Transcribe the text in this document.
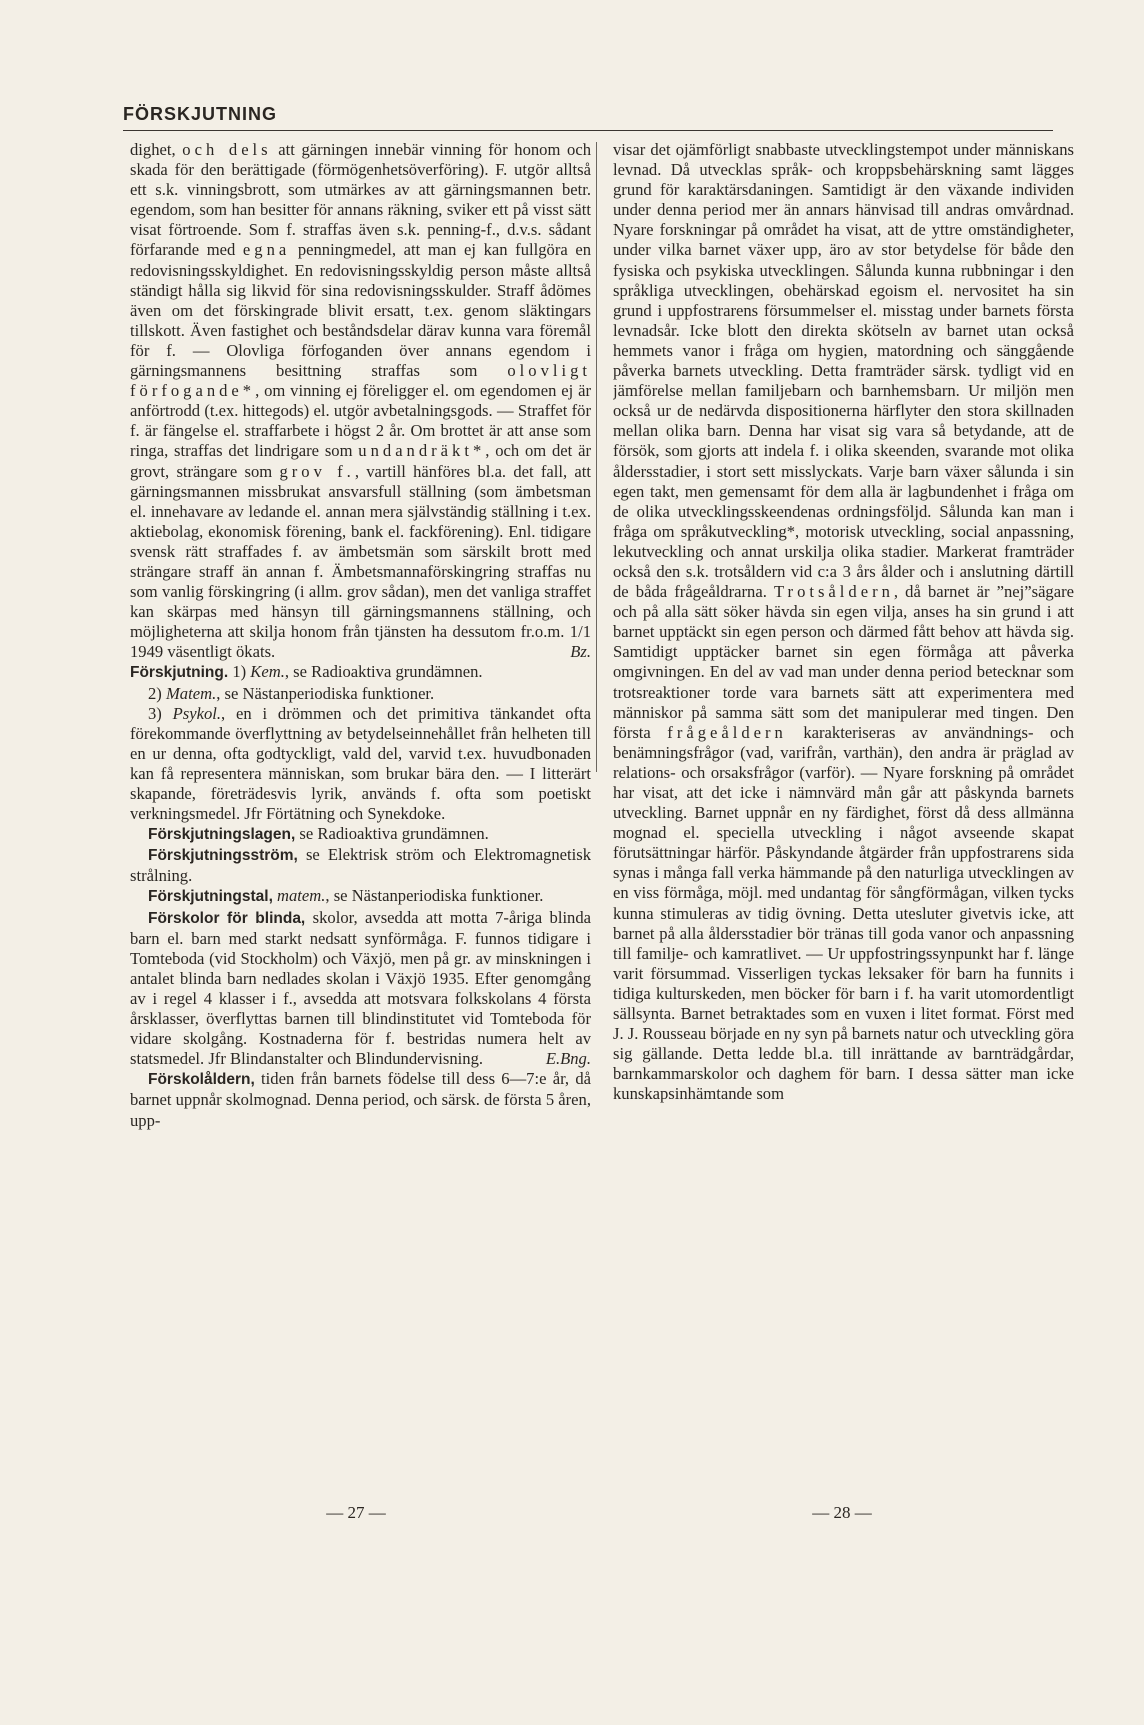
FÖRSKJUTNING

dighet, och dels att gärningen innebär vinning för honom och skada för den berättigade (förmögenhetsöverföring). F. utgör alltså ett s.k. vinningsbrott, som utmärkes av att gärningsmannen betr. egendom, som han besitter för annans räkning, sviker ett på visst sätt visat förtroende. Som f. straffas även s.k. penning-f., d.v.s. sådant förfarande med egna penningmedel, att man ej kan fullgöra en redovisningsskyldighet. En redovisningsskyldig person måste alltså ständigt hålla sig likvid för sina redovisningsskulder. Straff ådömes även om det förskingrade blivit ersatt, t.ex. genom släktingars tillskott. Även fastighet och beståndsdelar därav kunna vara föremål för f. — Olovliga förfoganden över annans egendom i gärningsmannens besittning straffas som olovligt förfogande*, om vinning ej föreligger el. om egendomen ej är anförtrodd (t.ex. hittegods) el. utgör avbetalningsgods. — Straffet för f. är fängelse el. straffarbete i högst 2 år. Om brottet är att anse som ringa, straffas det lindrigare som undandräkt*, och om det är grovt, strängare som grov f., vartill hänföres bl.a. det fall, att gärningsmannen missbrukat ansvarsfull ställning (som ämbetsman el. innehavare av ledande el. annan mera självständig ställning i t.ex. aktiebolag, ekonomisk förening, bank el. fackförening). Enl. tidigare svensk rätt straffades f. av ämbetsmän som särskilt brott med strängare straff än annan f. Ämbetsmannaförskingring straffas nu som vanlig förskingring (i allm. grov sådan), men det vanliga straffet kan skärpas med hänsyn till gärningsmannens ställning, och möjligheterna att skilja honom från tjänsten ha dessutom fr.o.m. 1/1 1949 väsentligt ökats.	Bz.

Förskjutning. 1) Kem., se Radioaktiva grundämnen.

2) Matem., se Nästanperiodiska funktioner.

3) Psykol., en i drömmen och det primitiva tänkandet ofta förekommande överflyttning av betydelseinnehållet från helheten till en ur denna, ofta godtyckligt, vald del, varvid t.ex. huvudbonaden kan få representera människan, som brukar bära den. — I litterärt skapande, företrädesvis lyrik, används f. ofta som poetiskt verkningsmedel. Jfr Förtätning och Synekdoke.

Förskjutningslagen, se Radioaktiva grundämnen.

Förskjutningsström, se Elektrisk ström och Elektromagnetisk strålning.

Förskjutningstal, matem., se Nästanperiodiska funktioner.

Förskolor för blinda, skolor, avsedda att motta 7-åriga blinda barn el. barn med starkt nedsatt synförmåga. F. funnos tidigare i Tomteboda (vid Stockholm) och Växjö, men på gr. av minskningen i antalet blinda barn nedlades skolan i Växjö 1935. Efter genomgång av i regel 4 klasser i f., avsedda att motsvara folkskolans 4 första årsklasser, överflyttas barnen till blindinstitutet vid Tomteboda för vidare skolgång. Kostnaderna för f. bestridas numera helt av statsmedel. Jfr Blindanstalter och Blindundervisning.	E.Bng.

Förskolåldern, tiden från barnets födelse till dess 6—7:e år, då barnet uppnår skolmognad. Denna period, och särsk. de första 5 åren, upp-

visar det ojämförligt snabbaste utvecklingstempot under människans levnad. Då utvecklas språk- och kroppsbehärskning samt lägges grund för karaktärsdaningen. Samtidigt är den växande individen under denna period mer än annars hänvisad till andras omvårdnad. Nyare forskningar på området ha visat, att de yttre omständigheter, under vilka barnet växer upp, äro av stor betydelse för både den fysiska och psykiska utvecklingen. Sålunda kunna rubbningar i den språkliga utvecklingen, obehärskad egoism el. nervositet ha sin grund i uppfostrarens försummelser el. misstag under barnets första levnadsår. Icke blott den direkta skötseln av barnet utan också hemmets vanor i fråga om hygien, matordning och sänggående påverka barnets utveckling. Detta framträder särsk. tydligt vid en jämförelse mellan familjebarn och barnhemsbarn. Ur miljön men också ur de nedärvda dispositionerna härflyter den stora skillnaden mellan olika barn. Denna har visat sig vara så betydande, att de försök, som gjorts att indela f. i olika skeenden, svarande mot olika åldersstadier, i stort sett misslyckats. Varje barn växer sålunda i sin egen takt, men gemensamt för dem alla är lagbundenhet i fråga om de olika utvecklingsskeendenas ordningsföljd. Sålunda kan man i fråga om språkutveckling*, motorisk utveckling, social anpassning, lekutveckling och annat urskilja olika stadier. Markerat framträder också den s.k. trotsåldern vid c:a 3 års ålder och i anslutning därtill de båda frågeåldrarna. Trotsåldern, då barnet är ”nej”sägare och på alla sätt söker hävda sin egen vilja, anses ha sin grund i att barnet upptäckt sin egen person och därmed fått behov att hävda sig. Samtidigt upptäcker barnet sin egen förmåga att påverka omgivningen. En del av vad man under denna period betecknar som trotsreaktioner torde vara barnets sätt att experimentera med människor på samma sätt som det manipulerar med tingen. Den första frågeåldern karakteriseras av användnings- och benämningsfrågor (vad, varifrån, varthän), den andra är präglad av relations- och orsaksfrågor (varför). — Nyare forskning på området har visat, att det icke i nämnvärd mån går att påskynda barnets utveckling. Barnet uppnår en ny färdighet, först då dess allmänna mognad el. speciella utveckling i något avseende skapat förutsättningar härför. Påskyndande åtgärder från uppfostrarens sida synas i många fall verka hämmande på den naturliga utvecklingen av en viss förmåga, möjl. med undantag för sångförmågan, vilken tycks kunna stimuleras av tidig övning. Detta utesluter givetvis icke, att barnet på alla åldersstadier bör tränas till goda vanor och anpassning till familje- och kamratlivet. — Ur uppfostringssynpunkt har f. länge varit försummad. Visserligen tyckas leksaker för barn ha funnits i tidiga kulturskeden, men böcker för barn i f. ha varit utomordentligt sällsynta. Barnet betraktades som en vuxen i litet format. Först med J. J. Rousseau började en ny syn på barnets natur och utveckling göra sig gällande. Detta ledde bl.a. till inrättande av barnträdgårdar, barnkammarskolor och daghem för barn. I dessa sätter man icke kunskapsinhämtande som

— 27 —	— 28 —
